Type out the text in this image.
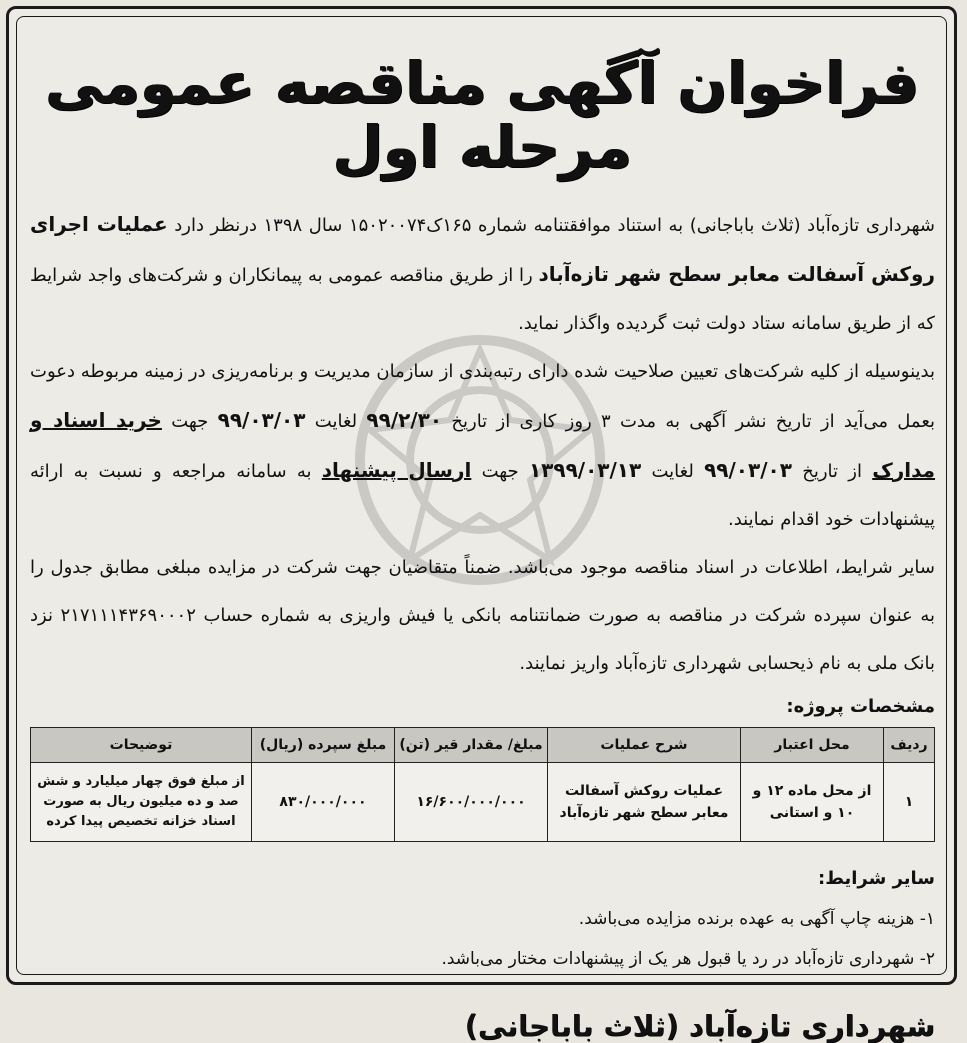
فراخوان آگهی مناقصه عمومی مرحله اول

شهرداری تازه‌آباد (ثلاث باباجانی) به استناد موافقتنامه شماره ۱۶۵ک۱۵۰۲۰۰۷۴ سال ۱۳۹۸ درنظر دارد عملیات اجرای روکش آسفالت معابر سطح شهر تازه‌آباد را از طریق مناقصه عمومی به پیمانکاران و شرکت‌های واجد شرایط که از طریق سامانه ستاد دولت ثبت گردیده واگذار نماید.

بدینوسیله از کلیه شرکت‌های تعیین صلاحیت شده دارای رتبه‌بندی از سازمان مدیریت و برنامه‌ریزی در زمینه مربوطه دعوت بعمل می‌آید از تاریخ نشر آگهی به مدت ۳ روز کاری از تاریخ ۹۹/۲/۳۰ لغایت ۹۹/۰۳/۰۳ جهت خرید اسناد و مدارک از تاریخ ۹۹/۰۳/۰۳ لغایت ۱۳۹۹/۰۳/۱۳ جهت ارسال پیشنهاد به سامانه مراجعه و نسبت به ارائه پیشنهادات خود اقدام نمایند.

سایر شرایط، اطلاعات در اسناد مناقصه موجود می‌باشد. ضمناً متقاضیان جهت شرکت در مزایده مبلغی مطابق جدول را به عنوان سپرده شرکت در مناقصه به صورت ضمانتنامه بانکی یا فیش واریزی به شماره حساب ۲۱۷۱۱۱۴۳۶۹۰۰۰۲ نزد بانک ملی به نام ذیحسابی شهرداری تازه‌آباد واریز نمایند.

مشخصات پروژه:
ردیف	محل اعتبار	شرح عملیات	مبلغ/ مقدار قیر (تن)	مبلغ سپرده (ریال)	توضیحات
۱	از محل ماده ۱۲ و ۱۰ و استانی	عملیات روکش آسفالت معابر سطح شهر تازه‌آباد	۱۶/۶۰۰/۰۰۰/۰۰۰	۸۳۰/۰۰۰/۰۰۰	از مبلغ فوق چهار میلیارد و شش صد و ده میلیون ریال به صورت اسناد خزانه تخصیص پیدا کرده
سایر شرایط:

۱- هزینه چاپ آگهی به عهده برنده مزایده می‌باشد.

۲- شهرداری تازه‌آباد در رد یا قبول هر یک از پیشنهادات مختار می‌باشد.

شهرداری تازه‌آباد (ثلاث باباجانی)
